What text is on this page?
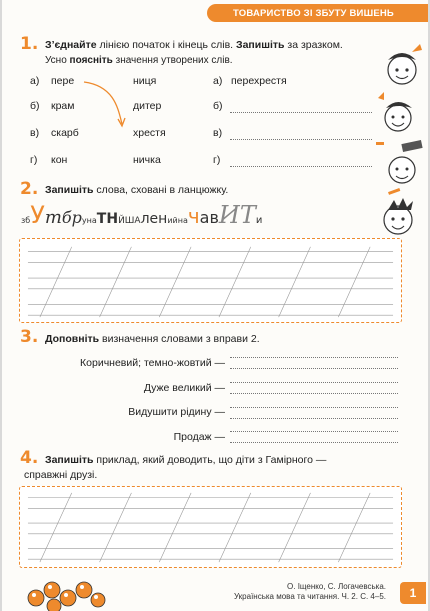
ТОВАРИСТВО ЗІ ЗБУТУ ВИШЕНЬ
1. З’єднайте лінією початок і кінець слів. Запишіть за зразком.
Усно поясніть значення утворених слів.
а) пере	ниця	а) перехрестя
б) крам	дитер	б)
в) скарб	хрестя	в)
г) кон	ничка	г)
2. Запишіть слова, сховані в ланцюжку.
збУтбрунаТНЙШАленийначавИТи
3. Доповніть визначення словами з вправи 2.
Коричневий; темно-жовтий —
Дуже великий —
Видушити рідину —
Продаж —
4. Запишіть приклад, який доводить, що діти з Гамірного —
справжні друзі.
О. Іщенко, С. Логачевська.
Українська мова та читання. Ч. 2. С. 4–5.	1
